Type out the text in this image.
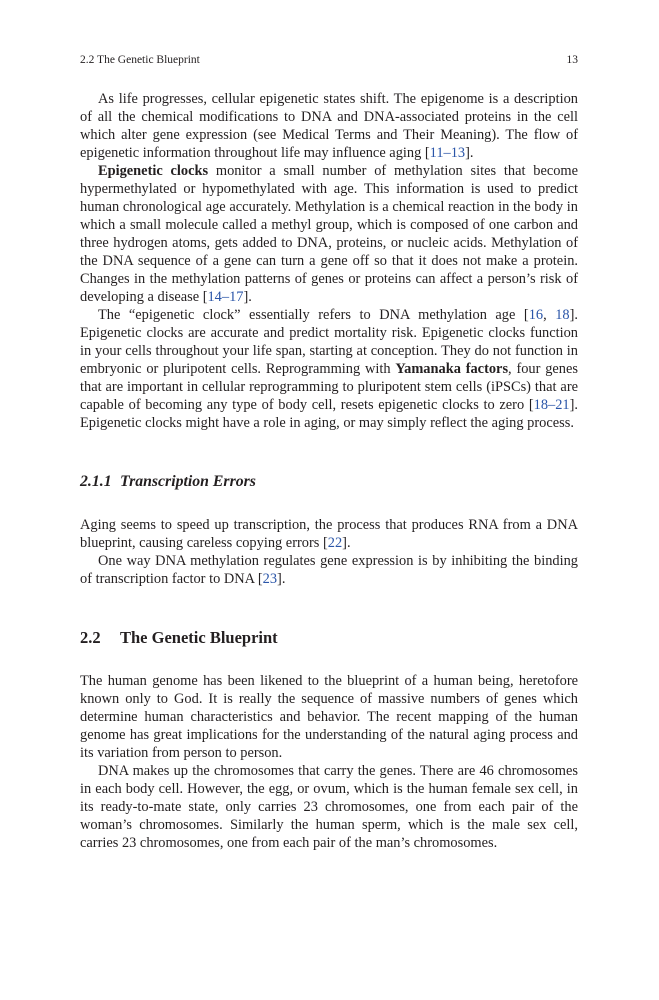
2.2 The Genetic Blueprint	13

As life progresses, cellular epigenetic states shift. The epigenome is a description of all the chemical modifications to DNA and DNA-associated proteins in the cell which alter gene expression (see Medical Terms and Their Meaning). The flow of epigenetic information throughout life may influence aging [11–13].

Epigenetic clocks monitor a small number of methylation sites that become hypermethylated or hypomethylated with age. This information is used to predict human chronological age accurately. Methylation is a chemical reaction in the body in which a small molecule called a methyl group, which is composed of one carbon and three hydrogen atoms, gets added to DNA, proteins, or nucleic acids. Methylation of the DNA sequence of a gene can turn a gene off so that it does not make a protein. Changes in the methylation patterns of genes or proteins can affect a person’s risk of developing a disease [14–17].

The “epigenetic clock” essentially refers to DNA methylation age [16, 18]. Epigenetic clocks are accurate and predict mortality risk. Epigenetic clocks function in your cells throughout your life span, starting at conception. They do not function in embryonic or pluripotent cells. Reprogramming with Yamanaka factors, four genes that are important in cellular reprogramming to pluripotent stem cells (iPSCs) that are capable of becoming any type of body cell, resets epigenetic clocks to zero [18–21]. Epigenetic clocks might have a role in aging, or may simply reflect the aging process.

2.1.1 Transcription Errors

Aging seems to speed up transcription, the process that produces RNA from a DNA blueprint, causing careless copying errors [22].

One way DNA methylation regulates gene expression is by inhibiting the binding of transcription factor to DNA [23].

2.2 The Genetic Blueprint

The human genome has been likened to the blueprint of a human being, heretofore known only to God. It is really the sequence of massive numbers of genes which determine human characteristics and behavior. The recent mapping of the human genome has great implications for the understanding of the natural aging process and its variation from person to person.

DNA makes up the chromosomes that carry the genes. There are 46 chromosomes in each body cell. However, the egg, or ovum, which is the human female sex cell, in its ready-to-mate state, only carries 23 chromosomes, one from each pair of the woman’s chromosomes. Similarly the human sperm, which is the male sex cell, carries 23 chromosomes, one from each pair of the man’s chromosomes.
